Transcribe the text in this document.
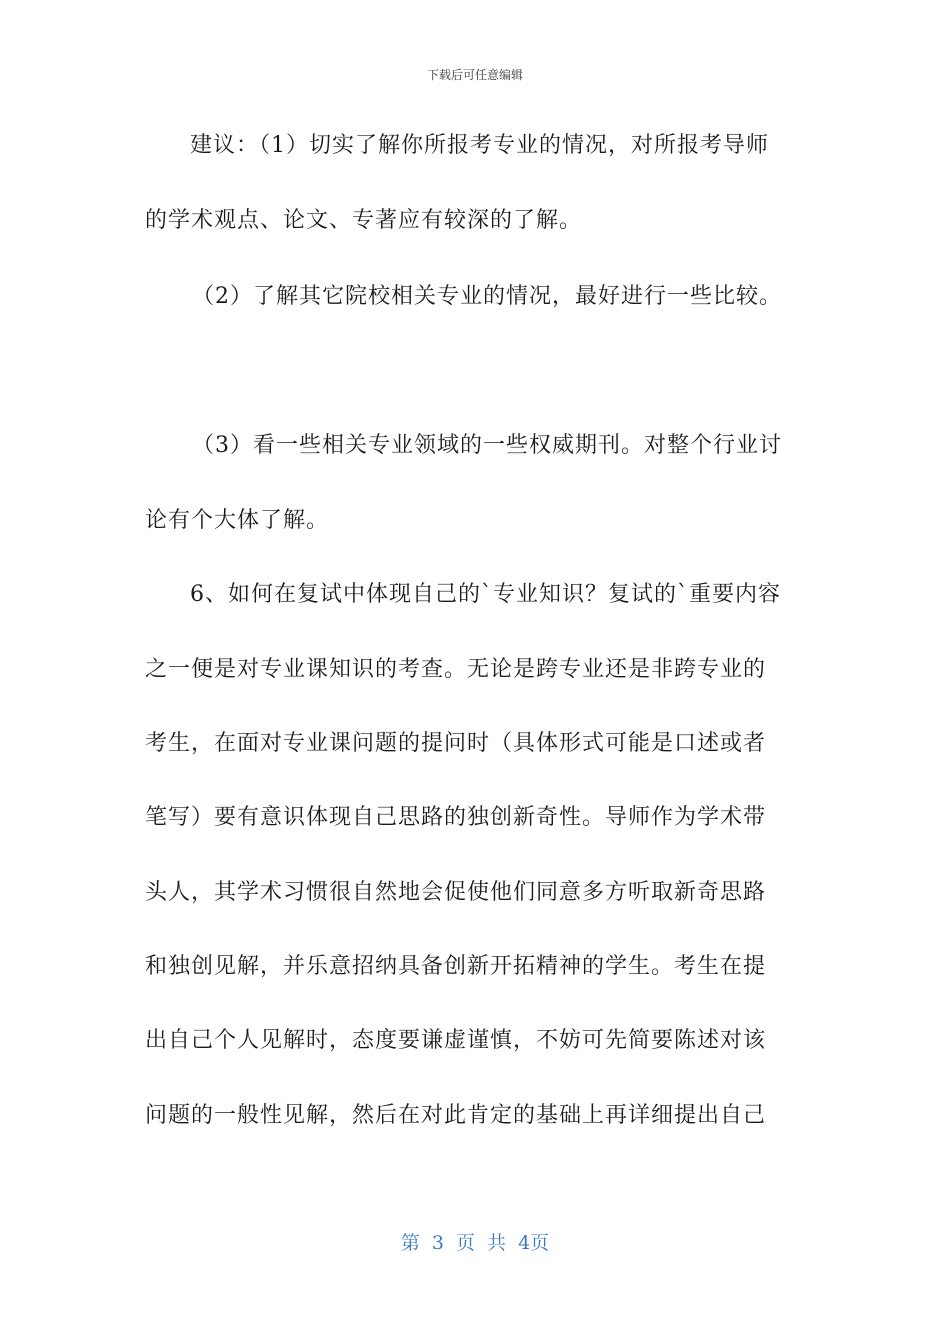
下载后可任意编辑
建议：（1）切实了解你所报考专业的情况，对所报考导师
的学术观点、论文、专著应有较深的了解。
（2）了解其它院校相关专业的情况，最好进行一些比较。
（3）看一些相关专业领域的一些权威期刊。对整个行业讨
论有个大体了解。
6、如何在复试中体现自己的`专业知识？复试的`重要内容
之一便是对专业课知识的考查。无论是跨专业还是非跨专业的
考生，在面对专业课问题的提问时（具体形式可能是口述或者
笔写）要有意识体现自己思路的独创新奇性。导师作为学术带
头人，其学术习惯很自然地会促使他们同意多方听取新奇思路
和独创见解，并乐意招纳具备创新开拓精神的学生。考生在提
出自己个人见解时，态度要谦虚谨慎，不妨可先简要陈述对该
问题的一般性见解，然后在对此肯定的基础上再详细提出自己
第 3 页 共 4页
